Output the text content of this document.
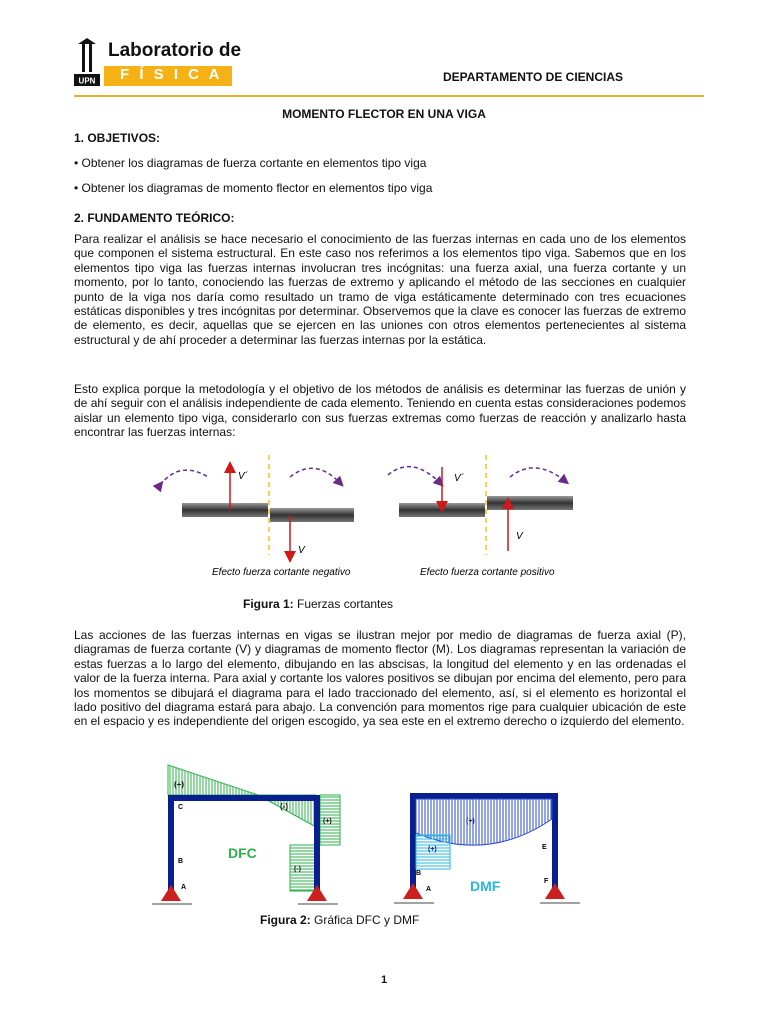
UPN
Laboratorio de
F Í S I C A	DEPARTAMENTO DE CIENCIAS
MOMENTO FLECTOR EN UNA VIGA
1. OBJETIVOS:
• Obtener los diagramas de fuerza cortante en elementos tipo viga
• Obtener los diagramas de momento flector en elementos tipo viga
2. FUNDAMENTO TEÓRICO:
Para realizar el análisis se hace necesario el conocimiento de las fuerzas internas en cada uno de los elementos que componen el sistema estructural. En este caso nos referimos a los elementos tipo viga. Sabemos que en los elementos tipo viga las fuerzas internas involucran tres incógnitas: una fuerza axial, una fuerza cortante y un momento, por lo tanto, conociendo las fuerzas de extremo y aplicando el método de las secciones en cualquier punto de la viga nos daría como resultado un tramo de viga estáticamente determinado con tres ecuaciones estáticas disponibles y tres incógnitas por determinar. Observemos que la clave es conocer las fuerzas de extremo de elemento, es decir, aquellas que se ejercen en las uniones con otros elementos pertenecientes al sistema estructural y de ahí proceder a determinar las fuerzas internas por la estática.
Esto explica porque la metodología y el objetivo de los métodos de análisis es determinar las fuerzas de unión y de ahí seguir con el análisis independiente de cada elemento. Teniendo en cuenta estas consideraciones podemos aislar un elemento tipo viga, considerarlo con sus fuerzas extremas como fuerzas de reacción y analizarlo hasta encontrar las fuerzas internas:
V´
V
Efecto fuerza cortante negativo
V´
V
Efecto fuerza cortante positivo
Figura 1: Fuerzas cortantes
Las acciones de las fuerzas internas en vigas se ilustran mejor por medio de diagramas de fuerza axial (P), diagramas de fuerza cortante (V) y diagramas de momento flector (M). Los diagramas representan la variación de estas fuerzas a lo largo del elemento, dibujando en las abscisas, la longitud del elemento y en las ordenadas el valor de la fuerza interna. Para axial y cortante los valores positivos se dibujan por encima del elemento, pero para los momentos se dibujará el diagrama para el lado traccionado del elemento, así, si el elemento es horizontal el lado positivo del diagrama estará para abajo. La convención para momentos rige para cualquier ubicación de este en el espacio y es independiente del origen escogido, ya sea este en el extremo derecho o izquierdo del elemento.
(+)
(-)
(+)
(-)
C
B
A
DFC
(+)
(+)	E
F
A
B
DMF
Figura 2: Gráfica DFC y DMF
1
